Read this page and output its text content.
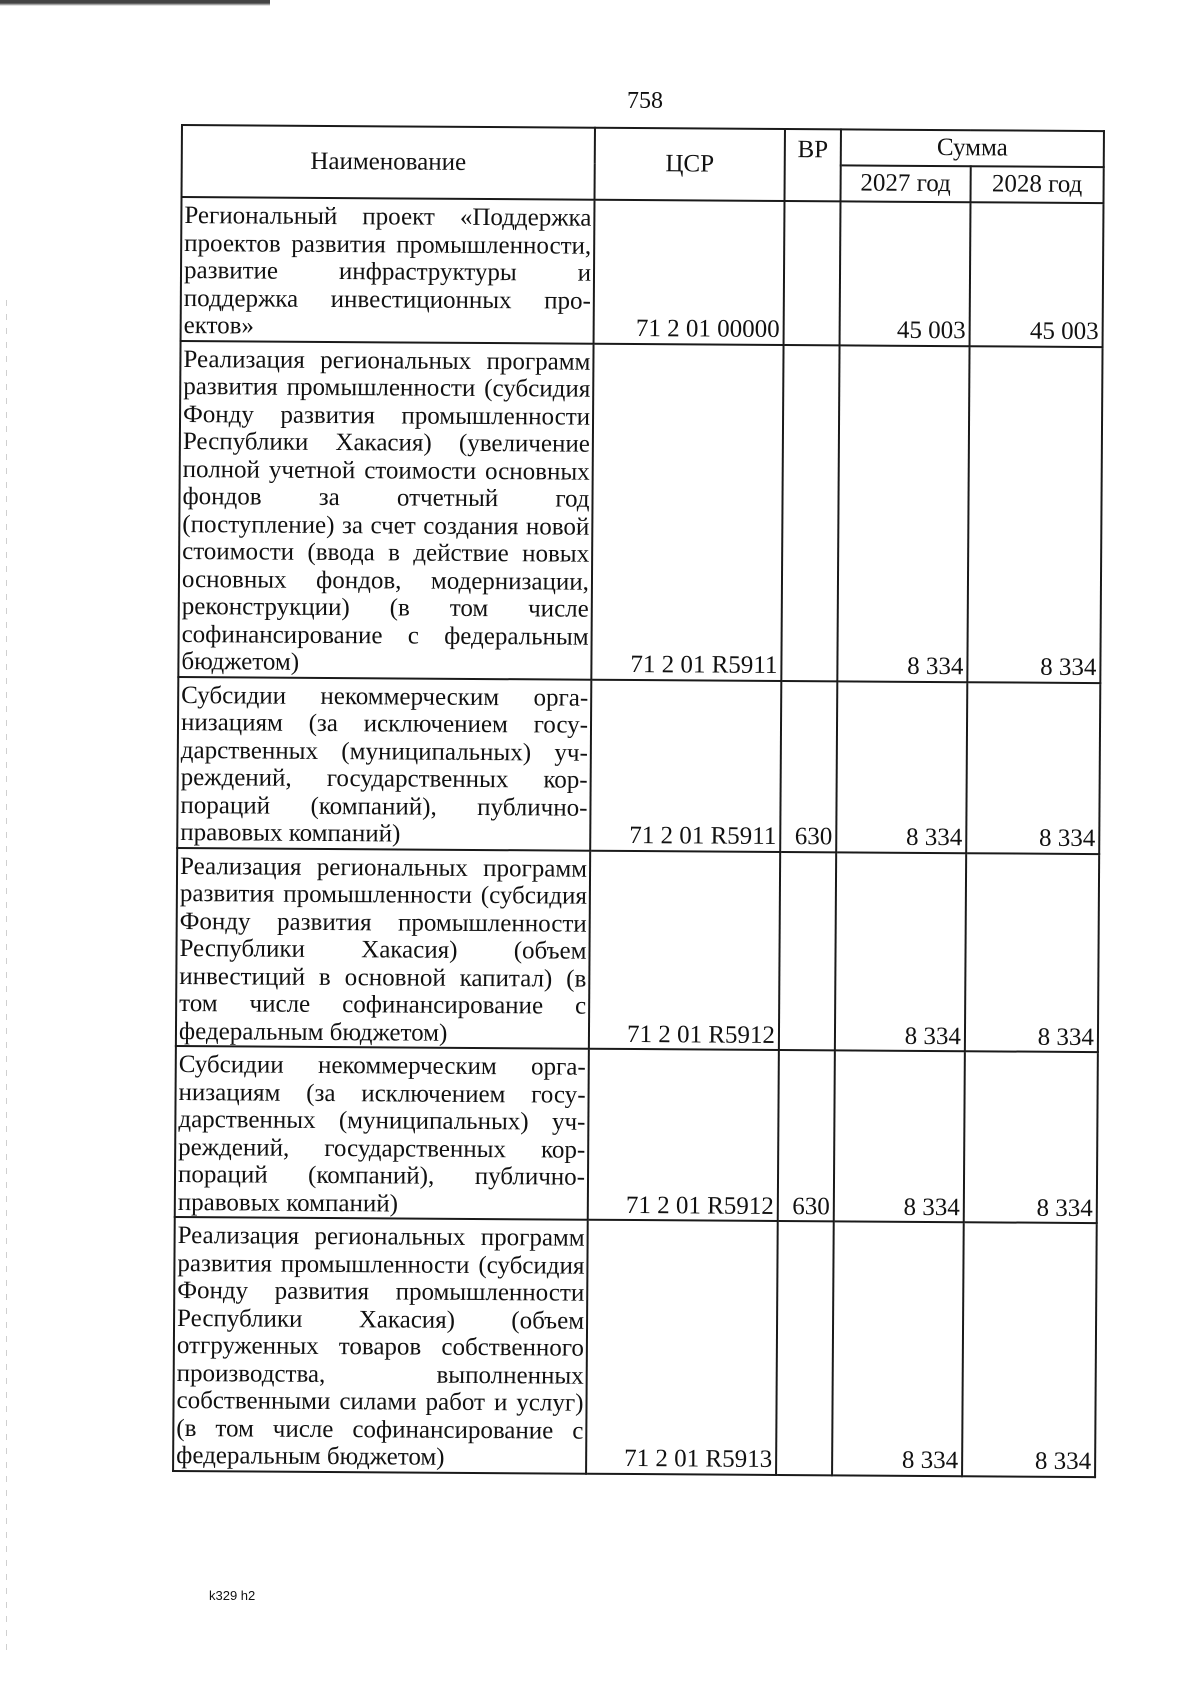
758
Наименование	ЦСР	ВР	Сумма	
			2027 год	2028 год
Региональный проект «Поддержка проектов развития промышленности, развитие инфраструктуры и поддержка инвестиционных проектов»	71 2 01 00000		45 003	45 003
Реализация региональных программ развития промышленности (субсидия Фонду развития промышленности Республики Хакасия) (увеличение полной учетной стоимости основных фондов за отчетный год (поступление) за счет создания новой стоимости (ввода в действие новых основных фондов, модернизации, реконструкции) (в том числе софинансирование с федеральным бюджетом)	71 2 01 R5911		8 334	8 334
Субсидии некоммерческим организациям (за исключением государственных (муниципальных) учреждений, государственных корпораций (компаний), публично-правовых компаний)	71 2 01 R5911	630	8 334	8 334
Реализация региональных программ развития промышленности (субсидия Фонду развития промышленности Республики Хакасия) (объем инвестиций в основной капитал) (в том числе софинансирование с федеральным бюджетом)	71 2 01 R5912		8 334	8 334
Субсидии некоммерческим организациям (за исключением государственных (муниципальных) учреждений, государственных корпораций (компаний), публично-правовых компаний)	71 2 01 R5912	630	8 334	8 334
Реализация региональных программ развития промышленности (субсидия Фонду развития промышленности Республики Хакасия) (объем отгруженных товаров собственного производства, выполненных собственными силами работ и услуг) (в том числе софинансирование с федеральным бюджетом)	71 2 01 R5913		8 334	8 334
k329 h2
